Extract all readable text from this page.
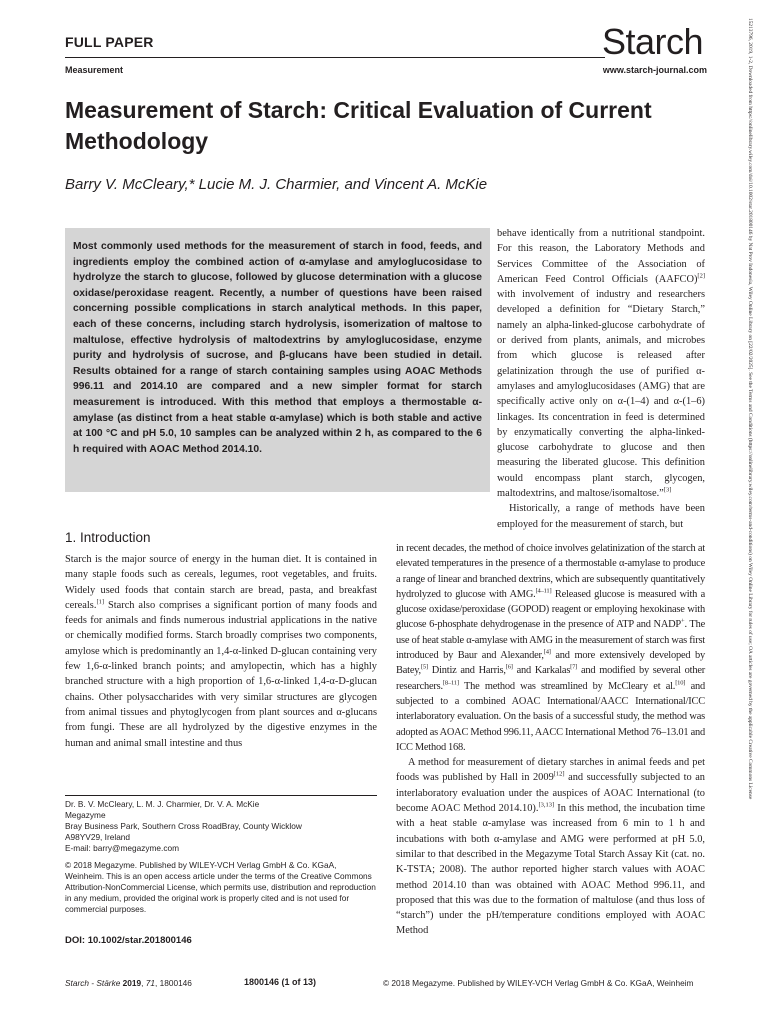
FULL PAPER
Measurement
Starch
www.starch-journal.com
Measurement of Starch: Critical Evaluation of Current Methodology
Barry V. McCleary,* Lucie M. J. Charmier, and Vincent A. McKie

Most commonly used methods for the measurement of starch in food, feeds, and ingredients employ the combined action of α-amylase and amyloglucosidase to hydrolyze the starch to glucose, followed by glucose determination with a glucose oxidase/peroxidase reagent. Recently, a number of questions have been raised concerning possible complications in starch analytical methods. In this paper, each of these concerns, including starch hydrolysis, isomerization of maltose to maltulose, effective hydrolysis of maltodextrins by amyloglucosidase, enzyme purity and hydrolysis of sucrose, and β-glucans have been studied in detail. Results obtained for a range of starch containing samples using AOAC Methods 996.11 and 2014.10 are compared and a new simpler format for starch measurement is introduced. With this method that employs a thermostable α-amylase (as distinct from a heat stable α-amylase) which is both stable and active at 100 °C and pH 5.0, 10 samples can be analyzed within 2 h, as compared to the 6 h required with AOAC Method 2014.10.

1. Introduction

Starch is the major source of energy in the human diet. It is contained in many staple foods such as cereals, legumes, root vegetables, and fruits. Widely used foods that contain starch are bread, pasta, and breakfast cereals.[1] Starch also comprises a significant portion of many foods and feeds for animals and finds numerous industrial applications in the native or chemically modified forms. Starch broadly comprises two components, amylose which is predominantly an 1,4-α-linked D-glucan containing very few 1,6-α-linked branch points; and amylopectin, which has a highly branched structure with a high proportion of 1,6-α-linked 1,4-α-D-glucan chains. Other polysaccharides with very similar structures are glycogen from animal tissues and phytoglycogen from plant sources and α-glucans from fungi. These are all hydrolyzed by the digestive enzymes in the human and animal small intestine and thus

behave identically from a nutritional standpoint. For this reason, the Laboratory Methods and Services Committee of the Association of American Feed Control Officials (AAFCO)[2] with involvement of industry and researchers developed a definition for “Dietary Starch,” namely an alpha-linked-glucose carbohydrate of or derived from plants, animals, and microbes from which glucose is released after gelatinization through the use of purified α-amylases and amyloglucosidases (AMG) that are specifically active only on α-(1–4) and α-(1–6) linkages. Its concentration in feed is determined by enzymatically converting the alpha-linked-glucose carbohydrate to glucose and then measuring the liberated glucose. This definition would encompass plant starch, glycogen, maltodextrins, and maltose/isomaltose.”[3]

Historically, a range of methods have been employed for the measurement of starch, but

in recent decades, the method of choice involves gelatinization of the starch at elevated temperatures in the presence of a thermostable α-amylase to produce a range of linear and branched dextrins, which are subsequently quantitatively hydrolyzed to glucose with AMG.[4–11] Released glucose is measured with a glucose oxidase/peroxidase (GOPOD) reagent or employing hexokinase with glucose 6-phosphate dehydrogenase in the presence of ATP and NADP+. The use of heat stable α-amylase with AMG in the measurement of starch was first introduced by Baur and Alexander,[4] and more extensively developed by Batey,[5] Dintiz and Harris,[6] and Karkalas[7] and modified by several other researchers.[8–11] The method was streamlined by McCleary et al.[10] and subjected to a combined AOAC International/AACC International/ICC interlaboratory evaluation. On the basis of a successful study, the method was adopted as AOAC Method 996.11, AACC International Method 76–13.01 and ICC Method 168.

A method for measurement of dietary starches in animal feeds and pet foods was published by Hall in 2009[12] and successfully subjected to an interlaboratory evaluation under the auspices of AOAC International (to become AOAC Method 2014.10).[3,13] In this method, the incubation time with a heat stable α-amylase was increased from 6 min to 1 h and incubations with both α-amylase and AMG were performed at pH 5.0, similar to that described in the Megazyme Total Starch Assay Kit (cat. no. K-TSTA; 2008). The author reported higher starch values with AOAC method 2014.10 than was obtained with AOAC Method 996.11, and proposed that this was due to the formation of maltulose (and thus loss of “starch”) under the pH/temperature conditions employed with AOAC Method

Dr. B. V. McCleary, L. M. J. Charmier, Dr. V. A. McKie
Megazyme
Bray Business Park, Southern Cross RoadBray, County Wicklow
A98YV29, Ireland
E-mail: barry@megazyme.com

© 2018 Megazyme. Published by WILEY-VCH Verlag GmbH & Co. KGaA, Weinheim. This is an open access article under the terms of the Creative Commons Attribution-NonCommercial License, which permits use, distribution and reproduction in any medium, provided the original work is properly cited and is not used for commercial purposes.

DOI: 10.1002/star.201800146
Starch - Stärke 2019, 71, 1800146	1800146 (1 of 13)	© 2018 Megazyme. Published by WILEY-VCH Verlag GmbH & Co. KGaA, Weinheim
15213796, 2019, 1-2, Downloaded from https://onlinelibrary.wiley.com/doi/10.1002/star.201800146 by Nat Prov Indonesia, Wiley Online Library on [22/02/2025]. See the Terms and Conditions (https://onlinelibrary.wiley.com/terms-and-conditions) on Wiley Online Library for rules of use; OA articles are governed by the applicable Creative Commons License
